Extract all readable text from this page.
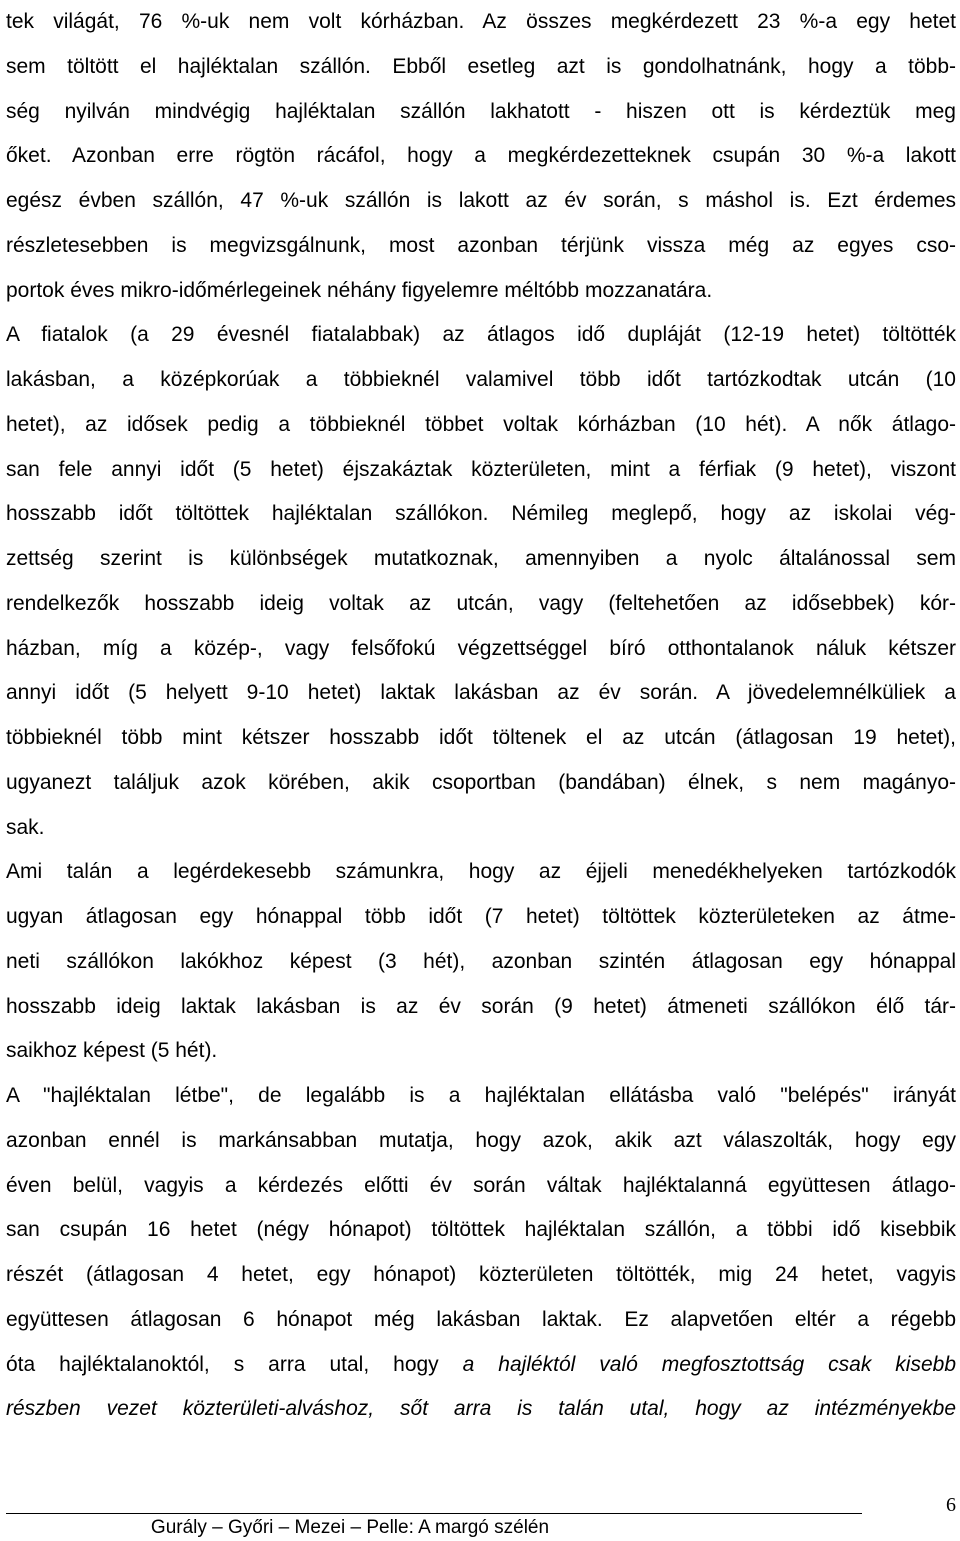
tek világát, 76 %-uk nem volt kórházban. Az összes megkérdezett 23 %-a egy hetet
sem töltött el hajléktalan szállón. Ebből esetleg azt is gondolhatnánk, hogy a több-
ség nyilván mindvégig hajléktalan szállón lakhatott - hiszen ott is kérdeztük meg
őket. Azonban erre rögtön rácáfol, hogy a megkérdezetteknek csupán 30 %-a lakott
egész évben szállón, 47 %-uk szállón is lakott az év során, s máshol is. Ezt érdemes
részletesebben is megvizsgálnunk, most azonban térjünk vissza még az egyes cso-
portok éves mikro-időmérlegeinek néhány figyelemre méltóbb mozzanatára.
A fiatalok (a 29 évesnél fiatalabbak) az átlagos idő dupláját (12-19 hetet) töltötték
lakásban, a középkorúak a többieknél valamivel több időt tartózkodtak utcán (10
hetet), az idősek pedig a többieknél többet voltak kórházban (10 hét). A nők átlago-
san fele annyi időt (5 hetet) éjszakáztak közterületen, mint a férfiak (9 hetet), viszont
hosszabb időt töltöttek hajléktalan szállókon. Némileg meglepő, hogy az iskolai vég-
zettség szerint is különbségek mutatkoznak, amennyiben a nyolc általánossal sem
rendelkezők hosszabb ideig voltak az utcán, vagy (feltehetően az idősebbek) kór-
házban, míg a közép-, vagy felsőfokú végzettséggel bíró otthontalanok náluk kétszer
annyi időt (5 helyett 9-10 hetet) laktak lakásban az év során. A jövedelemnélküliek a
többieknél több mint kétszer hosszabb időt töltenek el az utcán (átlagosan 19 hetet),
ugyanezt találjuk azok körében, akik csoportban (bandában) élnek, s nem magányo-
sak.
Ami talán a legérdekesebb számunkra, hogy az éjjeli menedékhelyeken tartózkodók
ugyan átlagosan egy hónappal több időt (7 hetet) töltöttek közterületeken az átme-
neti szállókon lakókhoz képest (3 hét), azonban szintén átlagosan egy hónappal
hosszabb ideig laktak lakásban is az év során (9 hetet) átmeneti szállókon élő tár-
saikhoz képest (5 hét).
A "hajléktalan létbe", de legalább is a hajléktalan ellátásba való "belépés" irányát
azonban ennél is markánsabban mutatja, hogy azok, akik azt válaszolták, hogy egy
éven belül, vagyis a kérdezés előtti év során váltak hajléktalanná együttesen átlago-
san csupán 16 hetet (négy hónapot) töltöttek hajléktalan szállón, a többi idő kisebbik
részét (átlagosan 4 hetet, egy hónapot) közterületen töltötték, mig 24 hetet, vagyis
együttesen átlagosan 6 hónapot még lakásban laktak. Ez alapvetően eltér a régebb
óta hajléktalanoktól, s arra utal, hogy a hajléktól való megfosztottság csak kisebb
részben vezet közterületi-alváshoz, sőt arra is talán utal, hogy az intézményekbe
Gurály – Győri – Mezei – Pelle: A margó szélén
6
